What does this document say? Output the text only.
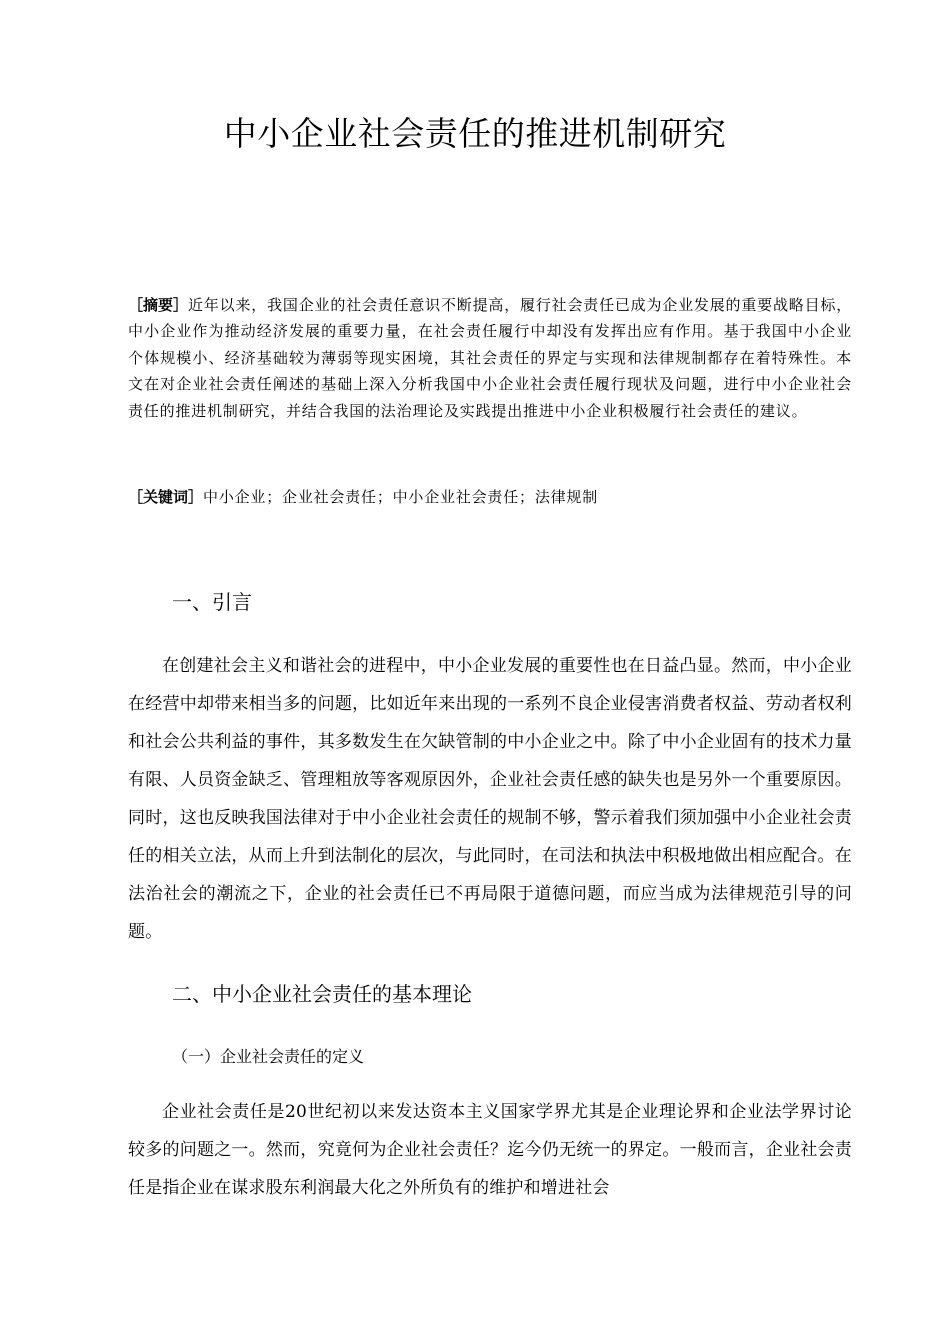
中小企业社会责任的推进机制研究
［摘要］近年以来，我国企业的社会责任意识不断提高，履行社会责任已成为企业发展的重要战略目标，中小企业作为推动经济发展的重要力量，在社会责任履行中却没有发挥出应有作用。基于我国中小企业个体规模小、经济基础较为薄弱等现实困境，其社会责任的界定与实现和法律规制都存在着特殊性。本文在对企业社会责任阐述的基础上深入分析我国中小企业社会责任履行现状及问题，进行中小企业社会责任的推进机制研究，并结合我国的法治理论及实践提出推进中小企业积极履行社会责任的建议。
［关键词］中小企业；企业社会责任；中小企业社会责任；法律规制
一、引言
在创建社会主义和谐社会的进程中，中小企业发展的重要性也在日益凸显。然而，中小企业在经营中却带来相当多的问题，比如近年来出现的一系列不良企业侵害消费者权益、劳动者权利和社会公共利益的事件，其多数发生在欠缺管制的中小企业之中。除了中小企业固有的技术力量有限、人员资金缺乏、管理粗放等客观原因外，企业社会责任感的缺失也是另外一个重要原因。同时，这也反映我国法律对于中小企业社会责任的规制不够，警示着我们须加强中小企业社会责任的相关立法，从而上升到法制化的层次，与此同时，在司法和执法中积极地做出相应配合。在法治社会的潮流之下，企业的社会责任已不再局限于道德问题，而应当成为法律规范引导的问题。
二、中小企业社会责任的基本理论
（一）企业社会责任的定义
企业社会责任是20世纪初以来发达资本主义国家学界尤其是企业理论界和企业法学界讨论较多的问题之一。然而，究竟何为企业社会责任？迄今仍无统一的界定。一般而言，企业社会责任是指企业在谋求股东利润最大化之外所负有的维护和增进社会
